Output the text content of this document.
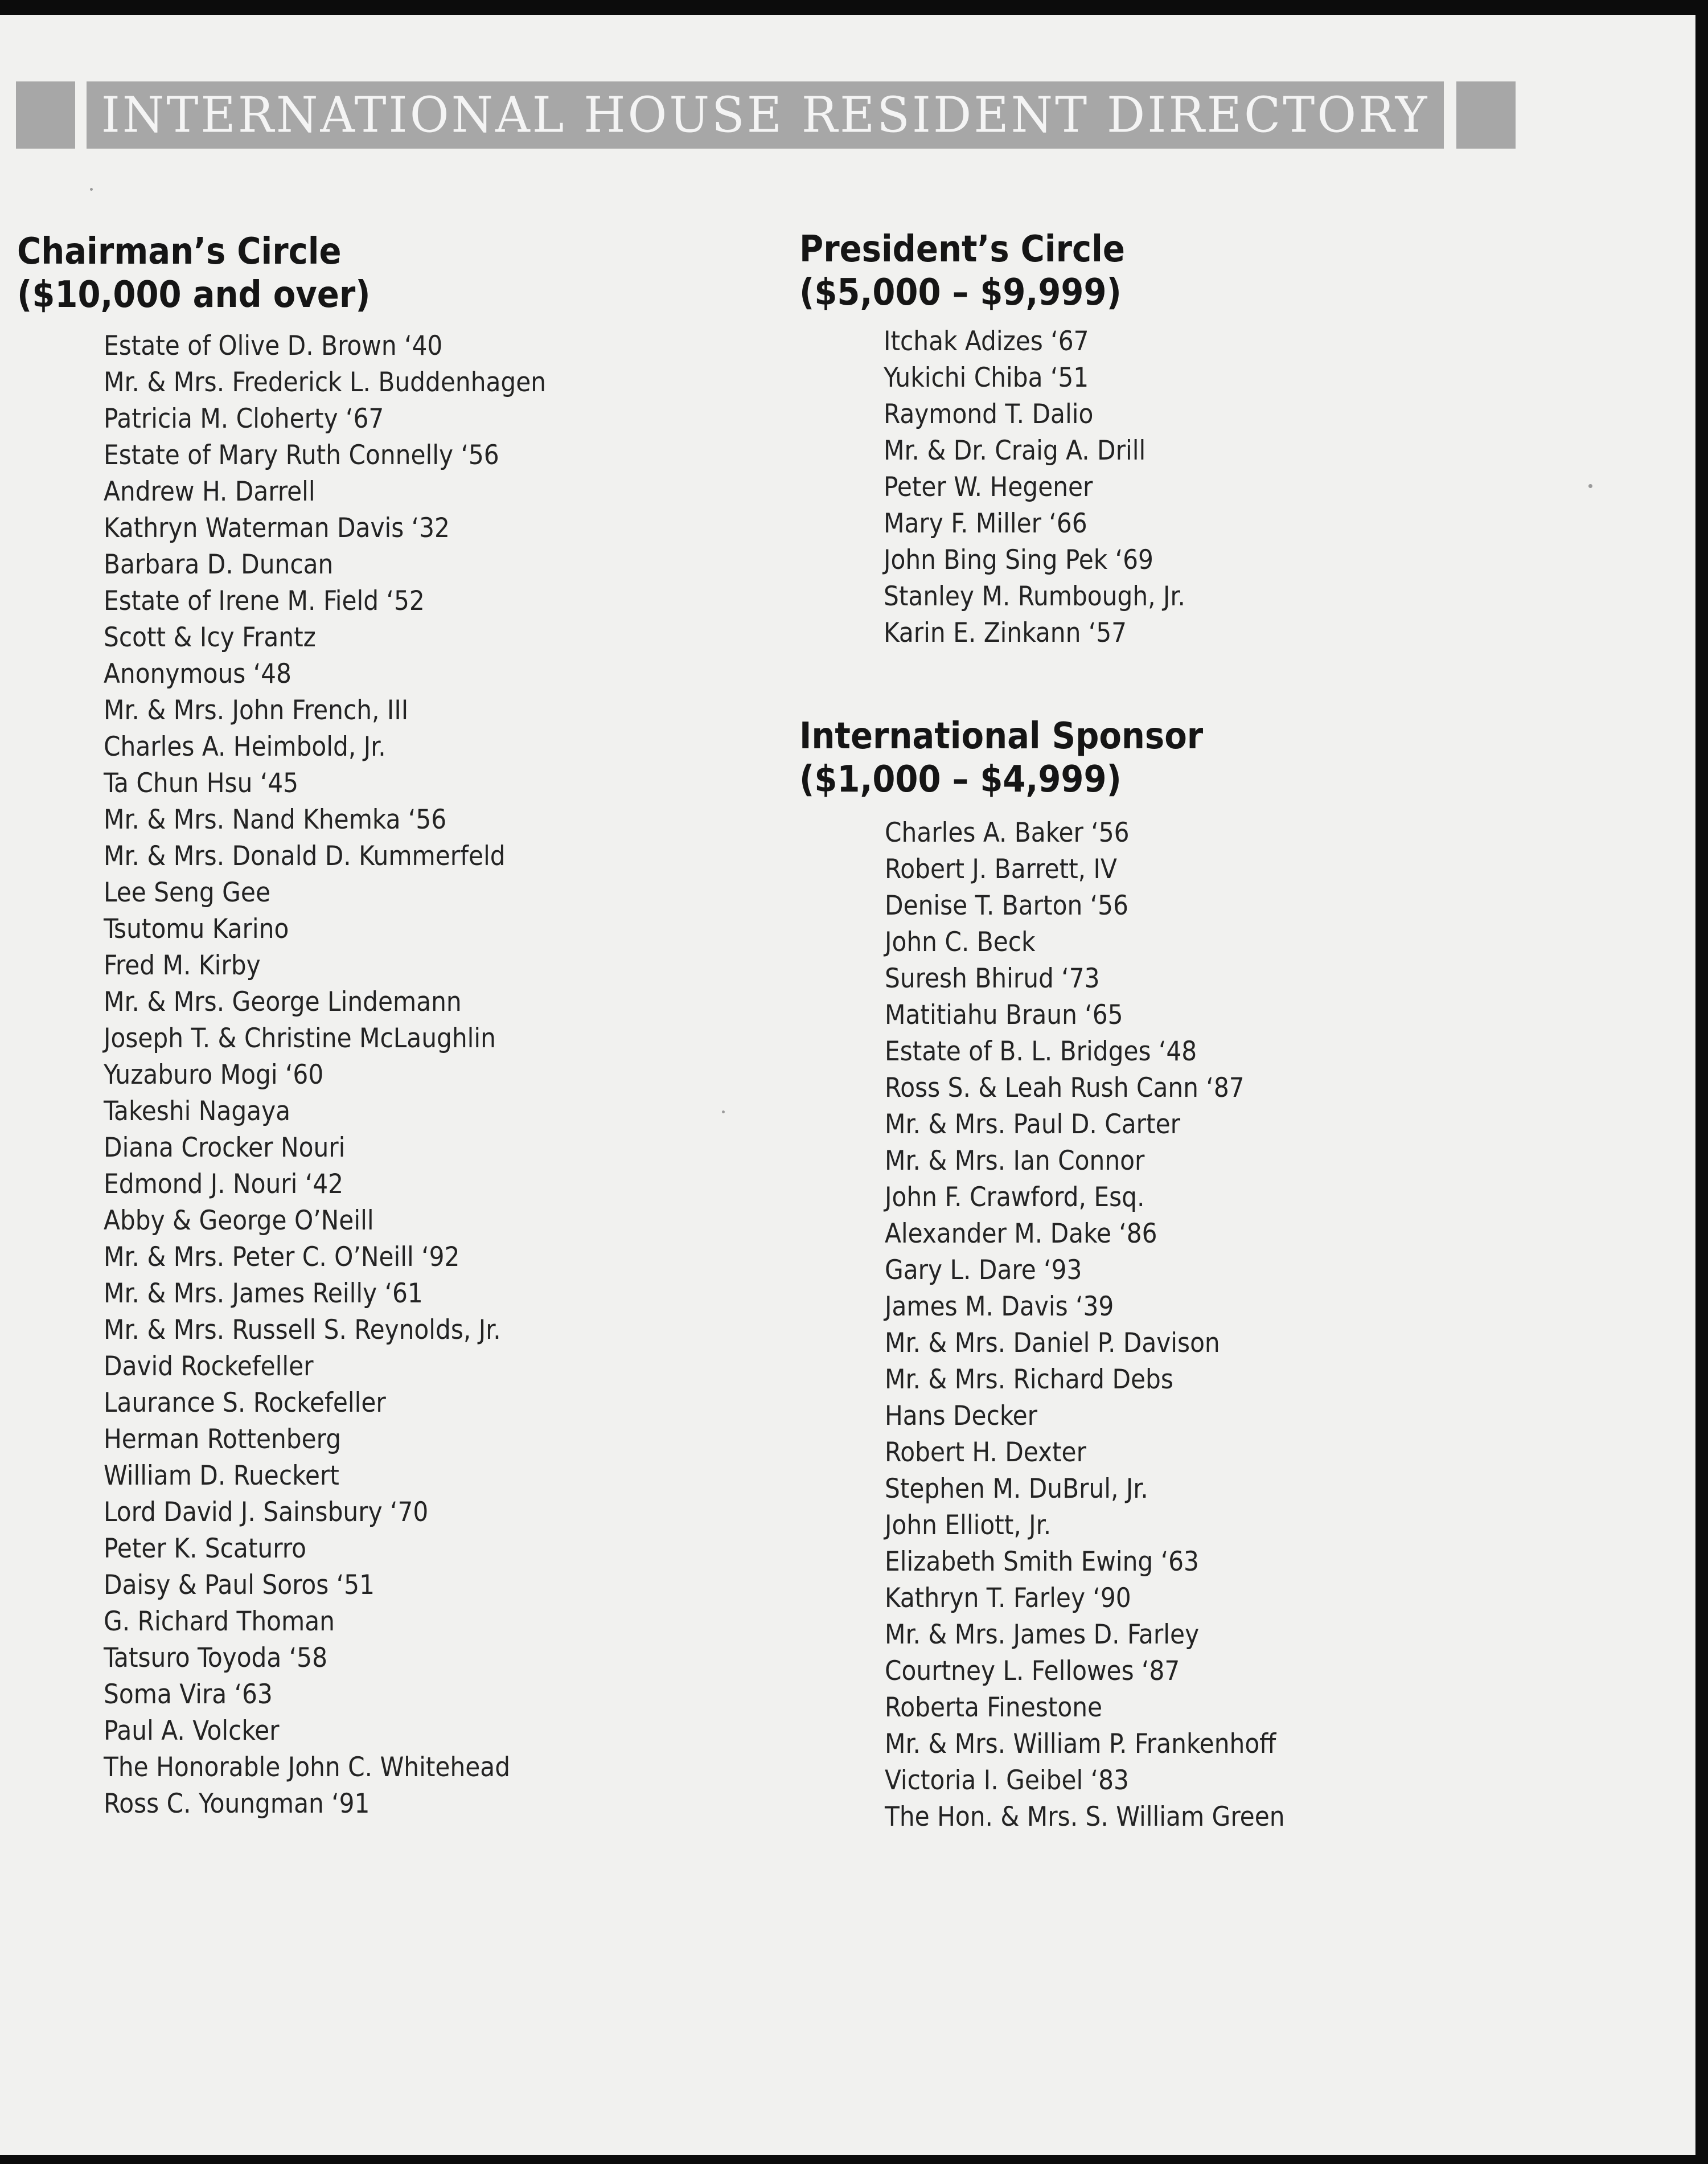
INTERNATIONAL HOUSE RESIDENT DIRECTORY
Chairman’s Circle
($10,000 and over)
Estate of Olive D. Brown ‘40
Mr. & Mrs. Frederick L. Buddenhagen
Patricia M. Cloherty ‘67
Estate of Mary Ruth Connelly ‘56
Andrew H. Darrell
Kathryn Waterman Davis ‘32
Barbara D. Duncan
Estate of Irene M. Field ‘52
Scott & Icy Frantz
Anonymous ‘48
Mr. & Mrs. John French, III
Charles A. Heimbold, Jr.
Ta Chun Hsu ‘45
Mr. & Mrs. Nand Khemka ‘56
Mr. & Mrs. Donald D. Kummerfeld
Lee Seng Gee
Tsutomu Karino
Fred M. Kirby
Mr. & Mrs. George Lindemann
Joseph T. & Christine McLaughlin
Yuzaburo Mogi ‘60
Takeshi Nagaya
Diana Crocker Nouri
Edmond J. Nouri ‘42
Abby & George O’Neill
Mr. & Mrs. Peter C. O’Neill ‘92
Mr. & Mrs. James Reilly ‘61
Mr. & Mrs. Russell S. Reynolds, Jr.
David Rockefeller
Laurance S. Rockefeller
Herman Rottenberg
William D. Rueckert
Lord David J. Sainsbury ‘70
Peter K. Scaturro
Daisy & Paul Soros ‘51
G. Richard Thoman
Tatsuro Toyoda ‘58
Soma Vira ‘63
Paul A. Volcker
The Honorable John C. Whitehead
Ross C. Youngman ‘91
President’s Circle
($5,000 – $9,999)
Itchak Adizes ‘67
Yukichi Chiba ‘51
Raymond T. Dalio
Mr. & Dr. Craig A. Drill
Peter W. Hegener
Mary F. Miller ‘66
John Bing Sing Pek ‘69
Stanley M. Rumbough, Jr.
Karin E. Zinkann ‘57
International Sponsor
($1,000 – $4,999)
Charles A. Baker ‘56
Robert J. Barrett, IV
Denise T. Barton ‘56
John C. Beck
Suresh Bhirud ‘73
Matitiahu Braun ‘65
Estate of B. L. Bridges ‘48
Ross S. & Leah Rush Cann ‘87
Mr. & Mrs. Paul D. Carter
Mr. & Mrs. Ian Connor
John F. Crawford, Esq.
Alexander M. Dake ‘86
Gary L. Dare ‘93
James M. Davis ‘39
Mr. & Mrs. Daniel P. Davison
Mr. & Mrs. Richard Debs
Hans Decker
Robert H. Dexter
Stephen M. DuBrul, Jr.
John Elliott, Jr.
Elizabeth Smith Ewing ‘63
Kathryn T. Farley ‘90
Mr. & Mrs. James D. Farley
Courtney L. Fellowes ‘87
Roberta Finestone
Mr. & Mrs. William P. Frankenhoff
Victoria I. Geibel ‘83
The Hon. & Mrs. S. William Green
